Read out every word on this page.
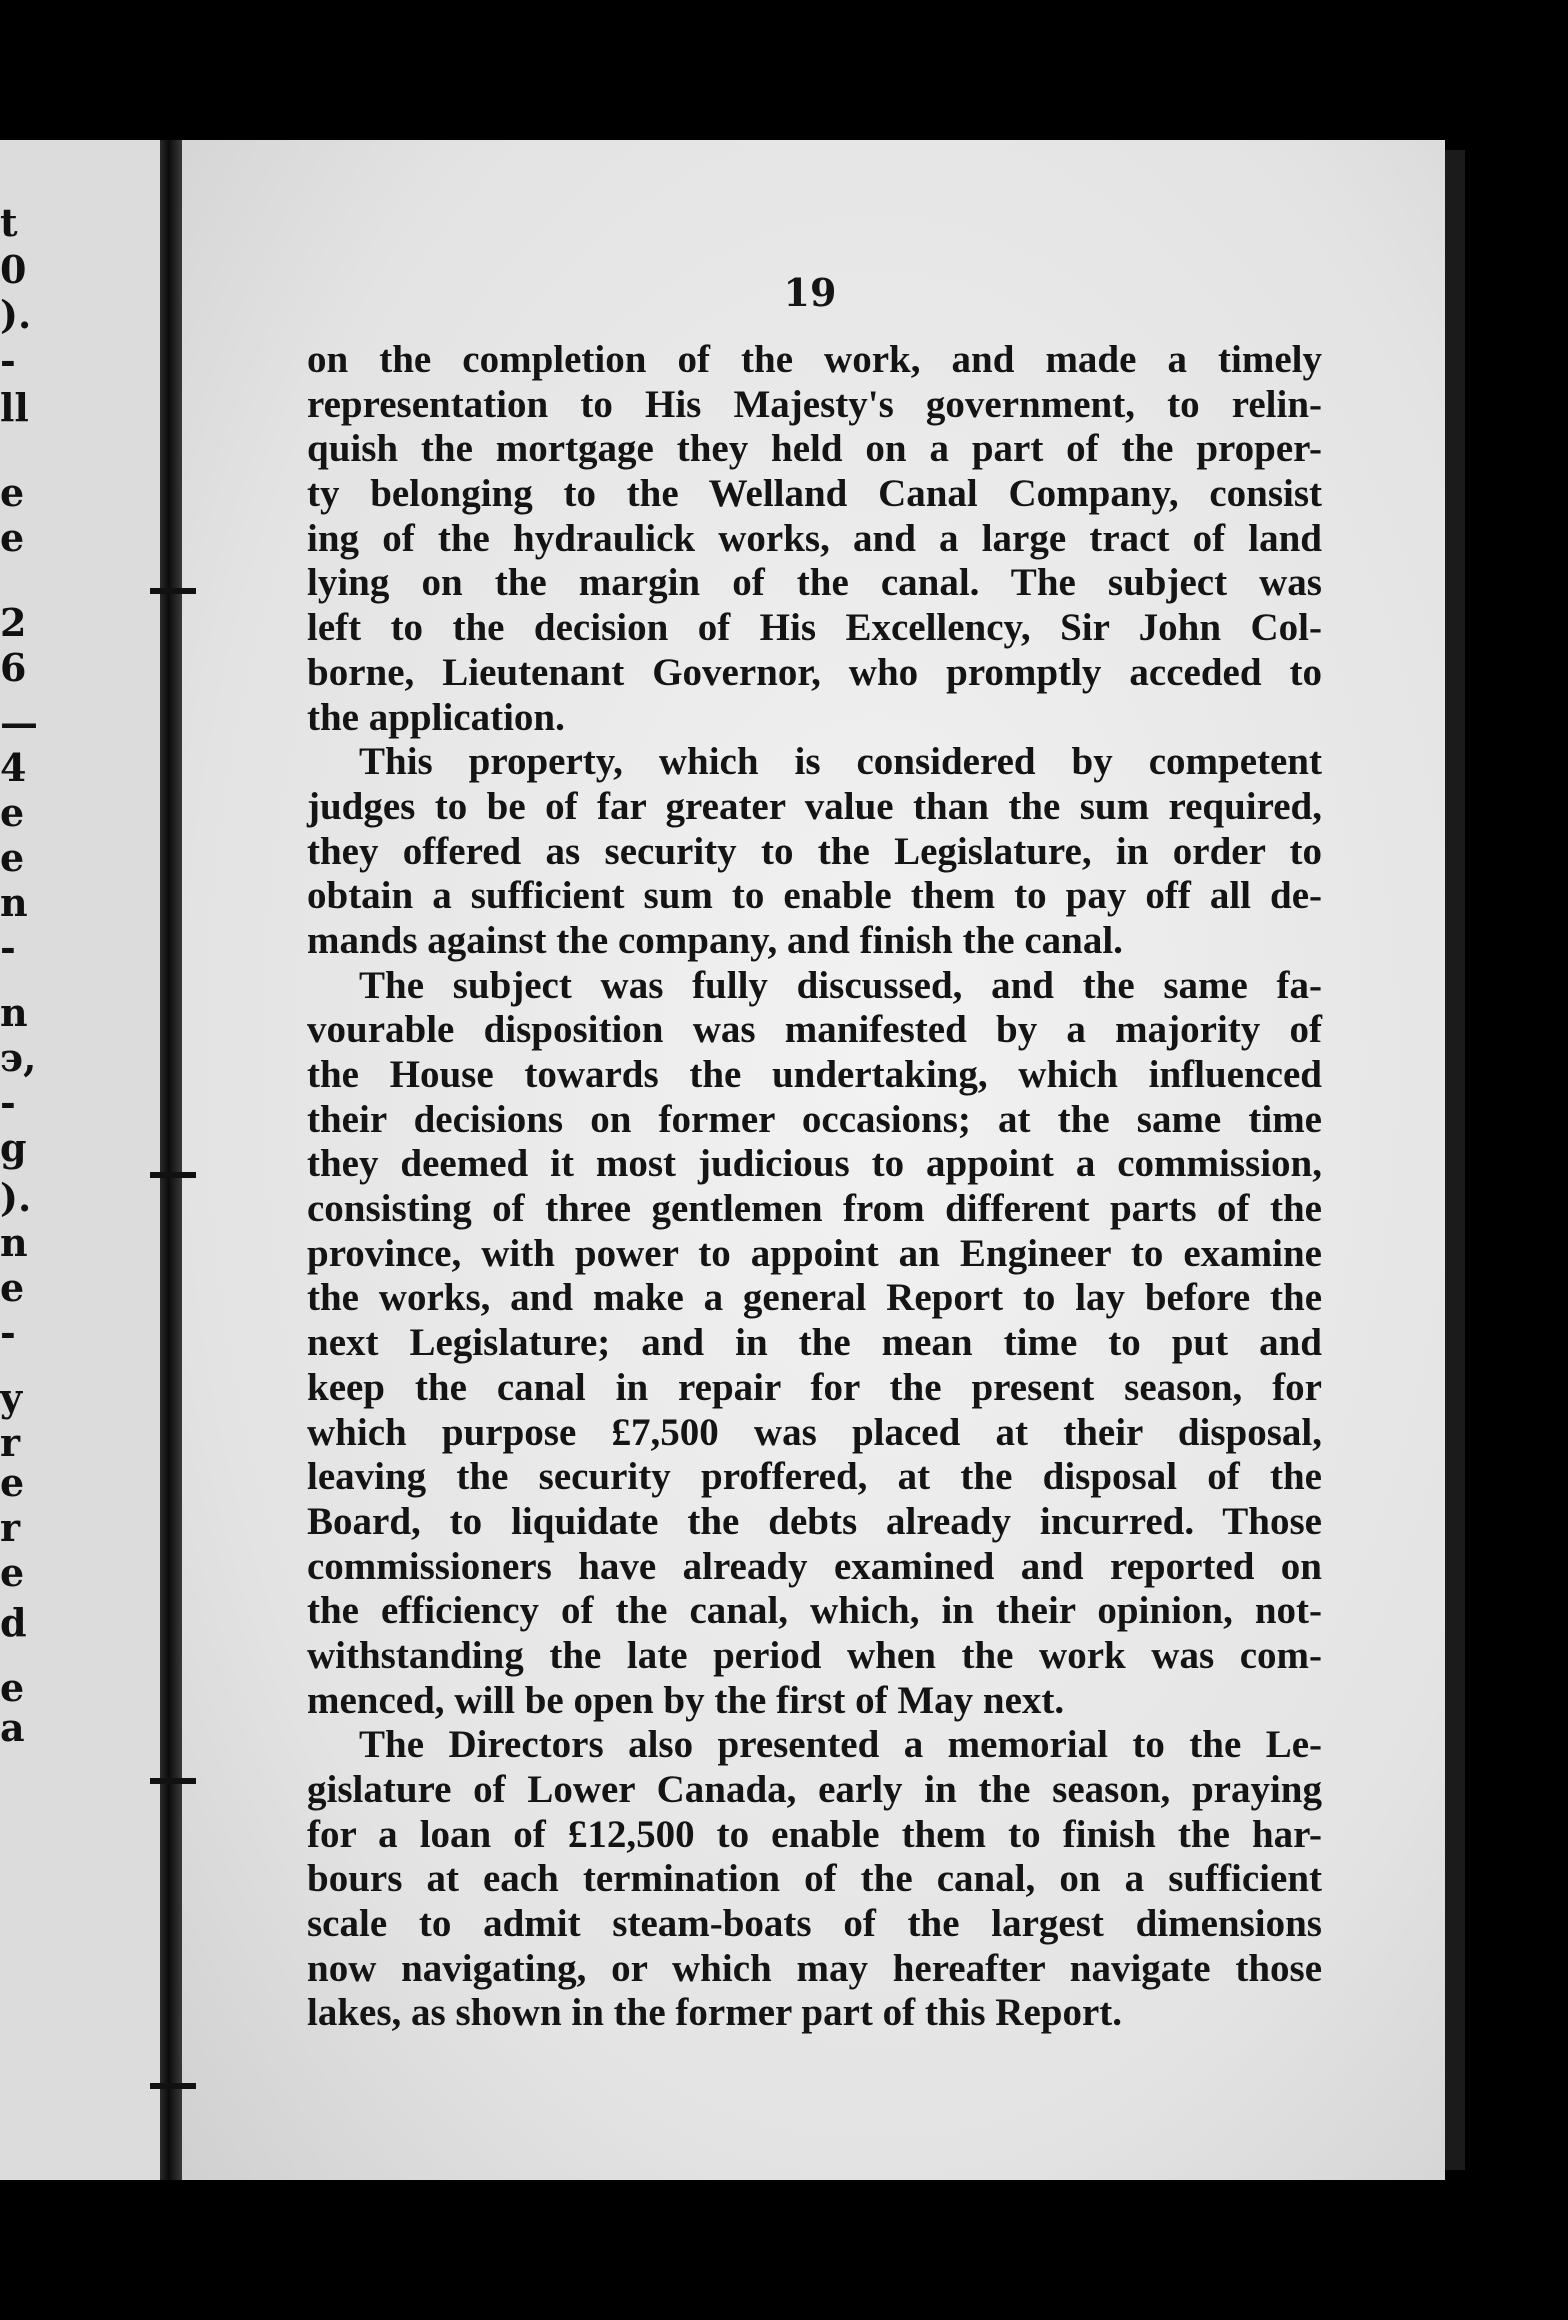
t
0
).
-
ll
e
e
2
6
—
4
e
e
n
-
n
э,
-
g
).
n
e
-
y
r
e
r
e
d
e
a
19
on the completion of the work, and made a timely
representation to His Majesty's government, to relin-
quish the mortgage they held on a part of the proper-
ty belonging to the Welland Canal Company, consist
ing of the hydraulick works, and a large tract of land
lying on the margin of the canal. The subject was
left to the decision of His Excellency, Sir John Col-
borne, Lieutenant Governor, who promptly acceded to
the application.
This property, which is considered by competent
judges to be of far greater value than the sum required,
they offered as security to the Legislature, in order to
obtain a sufficient sum to enable them to pay off all de-
mands against the company, and finish the canal.
The subject was fully discussed, and the same fa-
vourable disposition was manifested by a majority of
the House towards the undertaking, which influenced
their decisions on former occasions; at the same time
they deemed it most judicious to appoint a commission,
consisting of three gentlemen from different parts of the
province, with power to appoint an Engineer to examine
the works, and make a general Report to lay before the
next Legislature; and in the mean time to put and
keep the canal in repair for the present season, for
which purpose £7,500 was placed at their disposal,
leaving the security proffered, at the disposal of the
Board, to liquidate the debts already incurred. Those
commissioners have already examined and reported on
the efficiency of the canal, which, in their opinion, not-
withstanding the late period when the work was com-
menced, will be open by the first of May next.
The Directors also presented a memorial to the Le-
gislature of Lower Canada, early in the season, praying
for a loan of £12,500 to enable them to finish the har-
bours at each termination of the canal, on a sufficient
scale to admit steam-boats of the largest dimensions
now navigating, or which may hereafter navigate those
lakes, as shown in the former part of this Report.
